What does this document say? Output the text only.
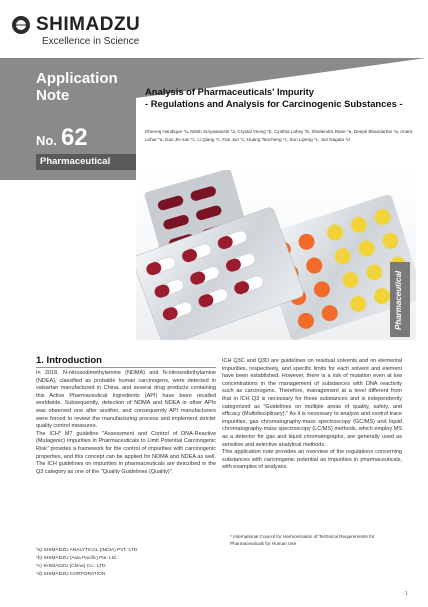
SHIMADZU
Excellence in Science
Application
Note
No. 62
Pharmaceutical
Analysis of Pharmaceuticals' Impurity
- Regulations and Analysis for Carcinogenic Substances -
Dheeraj Handique *a, Nitish Suryawanshi *a, Crystal Yeong *b, Cynthia Lahey *b, Shailendra Rane *a, Deepti Bhandarkar *a, Anant Lohar *a, Gao Jie san *c, Li Qiang *c, Fan Jun *c, Huang Taocheng *c, Sun Lipeng *c, Jun Nagata *d
Pharmaceutical
1. Introduction

In 2018, N-nitrosodimethylamine (NDMA) and N-nitrosodiethylamine (NDEA), classified as probable human carcinogens, were detected in valsartan manufactured in China, and several drug products containing this Active Pharmaceutical Ingredients (API) have been recalled worldwide. Subsequently, detection of NDMA and NDEA in other APIs was observed one after another, and consequently API manufacturers were forced to review the manufacturing process and implement stricter quality control measures.

The ICH* M7 guideline "Assessment and Control of DNA-Reactive (Mutagenic) Impurities in Pharmaceuticals to Limit Potential Carcinogenic Risk" provides a framework for the control of impurities with carcinogenic properties, and this concept can be applied for NDMA and NDEA as well. The ICH guidelines on impurities in pharmaceuticals are described in the Q3 category as one of the "Quality Guidelines (Quality)".

ICH Q3C and Q3D are guidelines on residual solvents and on elemental impurities, respectively, and specific limits for each solvent and element have been established. However, there is a risk of mutation even at low concentrations in the management of substances with DNA reactivity such as carcinogens. Therefore, management at a level different from that in ICH Q3 is necessary for these substances and is independently categorized as "Guidelines on multiple areas of quality, safety, and efficacy (Multidisciplinary)." As it is necessary to analyze and control trace impurities, gas chromatography-mass spectroscopy (GC/MS) and liquid chromatography-mass spectroscopy (LC/MS) methods, which employ MS as a detector for gas and liquid chromatographs, are generally used as sensitive and selective analytical methods.

This application note provides an overview of the regulations concerning substances with carcinogenic potential as impurities in pharmaceuticals, with examples of analyses.

* International Council for Harmonization of Technical Requirements for Pharmaceuticals for Human Use
*a) SHIMADZU ANALYTICAL (INDIA) PVT. LTD.
*b) SHIMADZU (Asia Pacific) Pte. Ltd.
*c) SHIMADZU (China) Co., LTD.
*d) SHIMADZU CORPORATION
1
